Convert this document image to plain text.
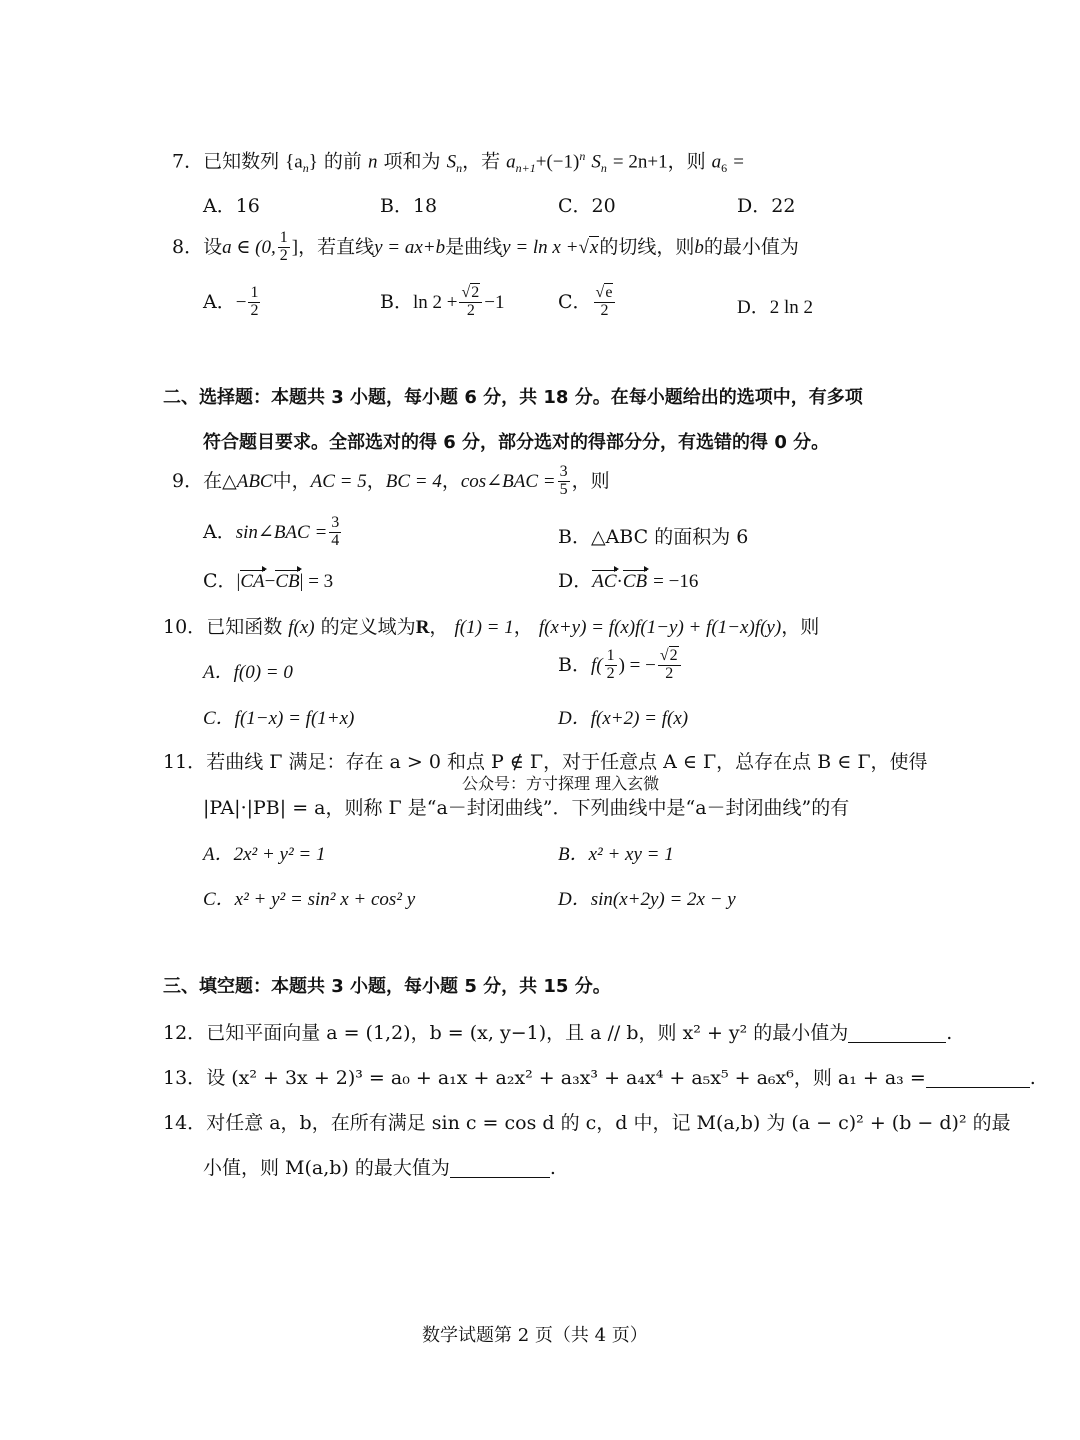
7．已知数列 $\{a_n\}$ 的前 n 项和为 $S_n$，若 $a_{n+1}+(-1)^n$ $S_n = 2n+1$，则 $a_6$ =
A．16	B．18	C．20	D．22
8． 设 a ∈ (0, $\frac{1}{2}$ ] ，若直线 y = ax+b 是曲线 y = ln x + √x 的切线，则 b 的最小值为
A． − $\frac{1}{2}$	B． $\ln 2 + \frac{√2}{2} -1$	C． $\frac{√e}{2}$	D．2 ln 2
二、选择题：本题共 3 小题，每小题 6 分，共 18 分。在每小题给出的选项中，有多项
符合题目要求。全部选对的得 6 分，部分选对的得部分分，有选错的得 0 分。
9． 在△ ABC 中， AC = 5 ， BC = 4 ， cos∠BAC = $\frac{3}{5}$ ，则
A． sin∠BAC = $\frac{3}{4}$	B．△ABC 的面积为 6
C．|CA−CB| = 3	D．AC·CB = −16
10．已知函数 f(x) 的定义域为R， f(1) = 1， f(x+y) = f(x)f(1−y) + f(1−x)f(y)，则
A．f(0) = 0	B． $f( \frac{1}{2}$ ) = − $\frac{√2}{2}$
C．f(1−x) = f(1+x)	D．f(x+2) = f(x)
11．若曲线 Γ 满足：存在 a > 0 和点 P ∉ Γ，对于任意点 A ∈ Γ，总存在点 B ∈ Γ，使得
公众号：方寸探理 理入玄微
|PA|·|PB| = a，则称 Γ 是“a－封闭曲线”．下列曲线中是“a－封闭曲线”的有
A．2x² + y² = 1	B．x² + xy = 1
C．x² + y² = sin² x + cos² y	D．sin(x+2y) = 2x − y
三、填空题：本题共 3 小题，每小题 5 分，共 15 分。
12．已知平面向量 a = (1,2)，b = (x, y−1)，且 a // b，则 x² + y² 的最小值为	.
13．设 (x² + 3x + 2)³ = a₀ + a₁x + a₂x² + a₃x³ + a₄x⁴ + a₅x⁵ + a₆x⁶，则 a₁ + a₃ =	.
14．对任意 a，b，在所有满足 sin c = cos d 的 c，d 中，记 M(a,b) 为 (a − c)² + (b − d)² 的最
小值，则 M(a,b) 的最大值为	.
数学试题第 2 页（共 4 页）
